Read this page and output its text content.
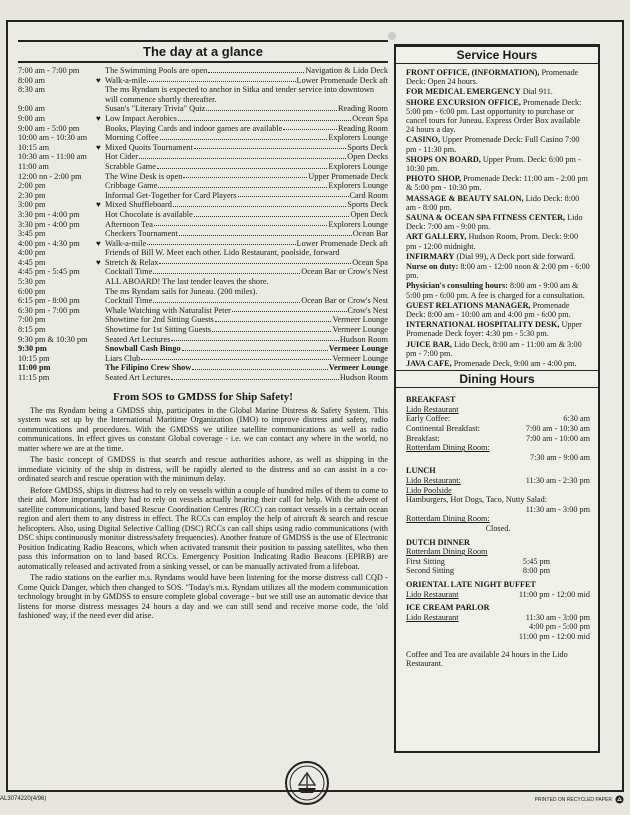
The day at a glance
7:00 am - 7:00 pm	The Swimming Pools are open	Navigation & Lido Deck
8:00 am	♥ Walk-a-mile	Lower Promenade Deck aft
8:30 am	The ms Ryndam is expected to anchor in Sitka and tender service into downtown will commence shortly thereafter.
9:00 am	Susan's "Literary Trivia" Quiz	Reading Room
9:00 am	♥ Low Impact Aerobics	Ocean Spa
9:00 am - 5:00 pm	Books, Playing Cards and indoor games are available	Reading Room
10:00 am - 10:30 am	Morning Coffee	Explorers Lounge
10:15 am	♥ Mixed Quoits Tournament	Sports Deck
10:30 am - 11:00 am	Hot Cider	Open Decks
11:00 am	Scrabble Game	Explorers Lounge
12:00 nn - 2:00 pm	The Wine Desk is open	Upper Promenade Deck
2:00 pm	Cribbage Game	Explorers Lounge
2:30 pm	Informal Get-Together for Card Players	Card Room
3:00 pm	♥ Mixed Shuffleboard	Sports Deck
3:30 pm - 4:00 pm	Hot Chocolate is available	Open Deck
3:30 pm - 4:00 pm	Afternoon Tea	Explorers Lounge
3:45 pm	Checkers Tournament	Ocean Bar
4:00 pm - 4:30 pm	♥ Walk-a-mile	Lower Promenade Deck aft
4:00 pm	Friends of Bill W. Meet each other. Lido Restaurant, poolside, forward
4:45 pm	♥ Stretch & Relax	Ocean Spa
4:45 pm - 5:45 pm	Cocktail Time	Ocean Bar or Crow's Nest
5:30 pm	ALL ABOARD! The last tender leaves the shore.
6:00 pm	The ms Ryndam sails for Juneau. (200 miles).
6:15 pm - 8:00 pm	Cocktail Time	Ocean Bar or Crow's Nest
6:30 pm - 7:00 pm	Whale Watching with Naturalist Peter	Crow's Nest
7:00 pm	Showtime for 2nd Sitting Guests	Vermeer Lounge
8:15 pm	Showtime for 1st Sitting Guests	Vermeer Lounge
9:30 pm & 10:30 pm	Seated Art Lectures	Hudson Room
9:30 pm	Snowball Cash Bingo	Vermeer Lounge
10:15 pm	Liars Club	Vermeer Lounge
11:00 pm	The Filipino Crew Show	Vermeer Lounge
11:15 pm	Seated Art Lectures	Hudson Room
From SOS to GMDSS for Ship Safety!

The ms Ryndam being a GMDSS ship, participates in the Global Marine Distress & Safety System. This system was set up by the International Maritime Organization (IMO) to improve distress and safety, radio communications and procedures. With the GMDSS we utilize satellite communications as well as radio communications. In effect gives us constant Global coverage - i.e. we can contact any where in the world, no matter where we are at the time.

The basic concept of GMDSS is that search and rescue authorities ashore, as well as shipping in the immediate vicinity of the ship in distress, will be rapidly alerted to the distress and so can assist in a co-ordinated search and rescue operation with the minimum delay.

Before GMDSS, ships in distress had to rely on vessels within a couple of hundred miles of them to come to their aid. More importantly they had to rely on vessels actually hearing their call for help. With the advent of satellite communications, land based Rescue Coordination Centres (RCC) can contact vessels in a certain ocean region and alert them to any distress in effect. The RCCs can employ the help of aircraft & search and rescue helicopters. Also, using Digital Selective Calling (DSC) RCCs can call ships using radio communications (with DSC ships continuously monitor distress/safety frequencies). Another feature of GMDSS is the use of Electronic Position Indicating Radio Beacons, which when activated transmit their position to passing satellites, who then pass this information on to land based RCCs. Emergency Position Indicating Radio Beacons (EPIRB) are automatically released and activated from a sinking vessel, or can be manually activated from a lifeboat.

The radio stations on the earlier m.s. Ryndams would have been listening for the morse distress call CQD - Come Quick Danger, which then changed to SOS. "Today's m.s. Ryndam utilizes all the modern communication technology brought in by GMDSS to ensure complete global coverage - but we still use an automatic device that listens for morse distress messages 24 hours a day and we can still send and receive morse code, the 'old fashioned' way, if the need ever did arise.

Service Hours
FRONT OFFICE, (INFORMATION), Promenade Deck: Open 24 hours.
FOR MEDICAL EMERGENCY Dial 911.
SHORE EXCURSION OFFICE, Promenade Deck: 5:00 pm - 6:00 pm. Last opportunity to purchase or cancel tours for Juneau. Express Order Box available 24 hours a day.
CASINO, Upper Promenade Deck: Full Casino 7:00 pm - 11:30 pm.
SHOPS ON BOARD, Upper Prom. Deck: 6:00 pm - 10:30 pm.
PHOTO SHOP, Promenade Deck: 11:00 am - 2:00 pm & 5:00 pm - 10:30 pm.
MASSAGE & BEAUTY SALON, Lido Deck: 8:00 am - 8:00 pm.
SAUNA & OCEAN SPA FITNESS CENTER, Lido Deck: 7:00 am - 9:00 pm.
ART GALLERY, Hudson Room, Prom. Deck: 9:00 pm - 12:00 midnight.
INFIRMARY (Dial 99), A Deck port side forward.
Nurse on duty: 8:00 am - 12:00 noon & 2:00 pm - 6:00 pm.
Physician's consulting hours: 8:00 am - 9:00 am & 5:00 pm - 6:00 pm. A fee is charged for a consultation.
GUEST RELATIONS MANAGER, Promenade Deck: 8:00 am - 10:00 am and 4:00 pm - 6:00 pm.
INTERNATIONAL HOSPITALITY DESK, Upper Promenade Deck foyer: 4:30 pm - 5:30 pm.
JUICE BAR, Lido Deck, 8:00 am - 11:00 am & 3:00 pm - 7:00 pm.
JAVA CAFE, Promenade Deck, 9:00 am - 4:00 pm.
Dining Hours
BREAKFAST
Lido Restaurant
Early Coffee:	6:30 am
Continental Breakfast:	7:00 am - 10:30 am
Breakfast:	7:00 am - 10:00 am
Rotterdam Dining Room:
7:30 am - 9:00 am
LUNCH
Lido Restaurant:	11:30 am - 2:30 pm
Lido Poolside
Hamburgers, Hot Dogs, Taco, Nutty Salad:
11:30 am - 3:00 pm
Rotterdam Dining Room:
Closed.
DUTCH DINNER
Rotterdam Dining Room
First Sitting	5:45 pm
Second Sitting	8:00 pm
ORIENTAL LATE NIGHT BUFFET
Lido Restaurant	11:00 pm - 12:00 mid
ICE CREAM PARLOR
Lido Restaurant	11:30 am - 3:00 pm
4:00 pm - 5:00 pm
11:00 pm - 12:00 mid
Coffee and Tea are available 24 hours in the Lido Restaurant.
AL3074220(4/96)	PRINTED ON RECYCLED PAPER
